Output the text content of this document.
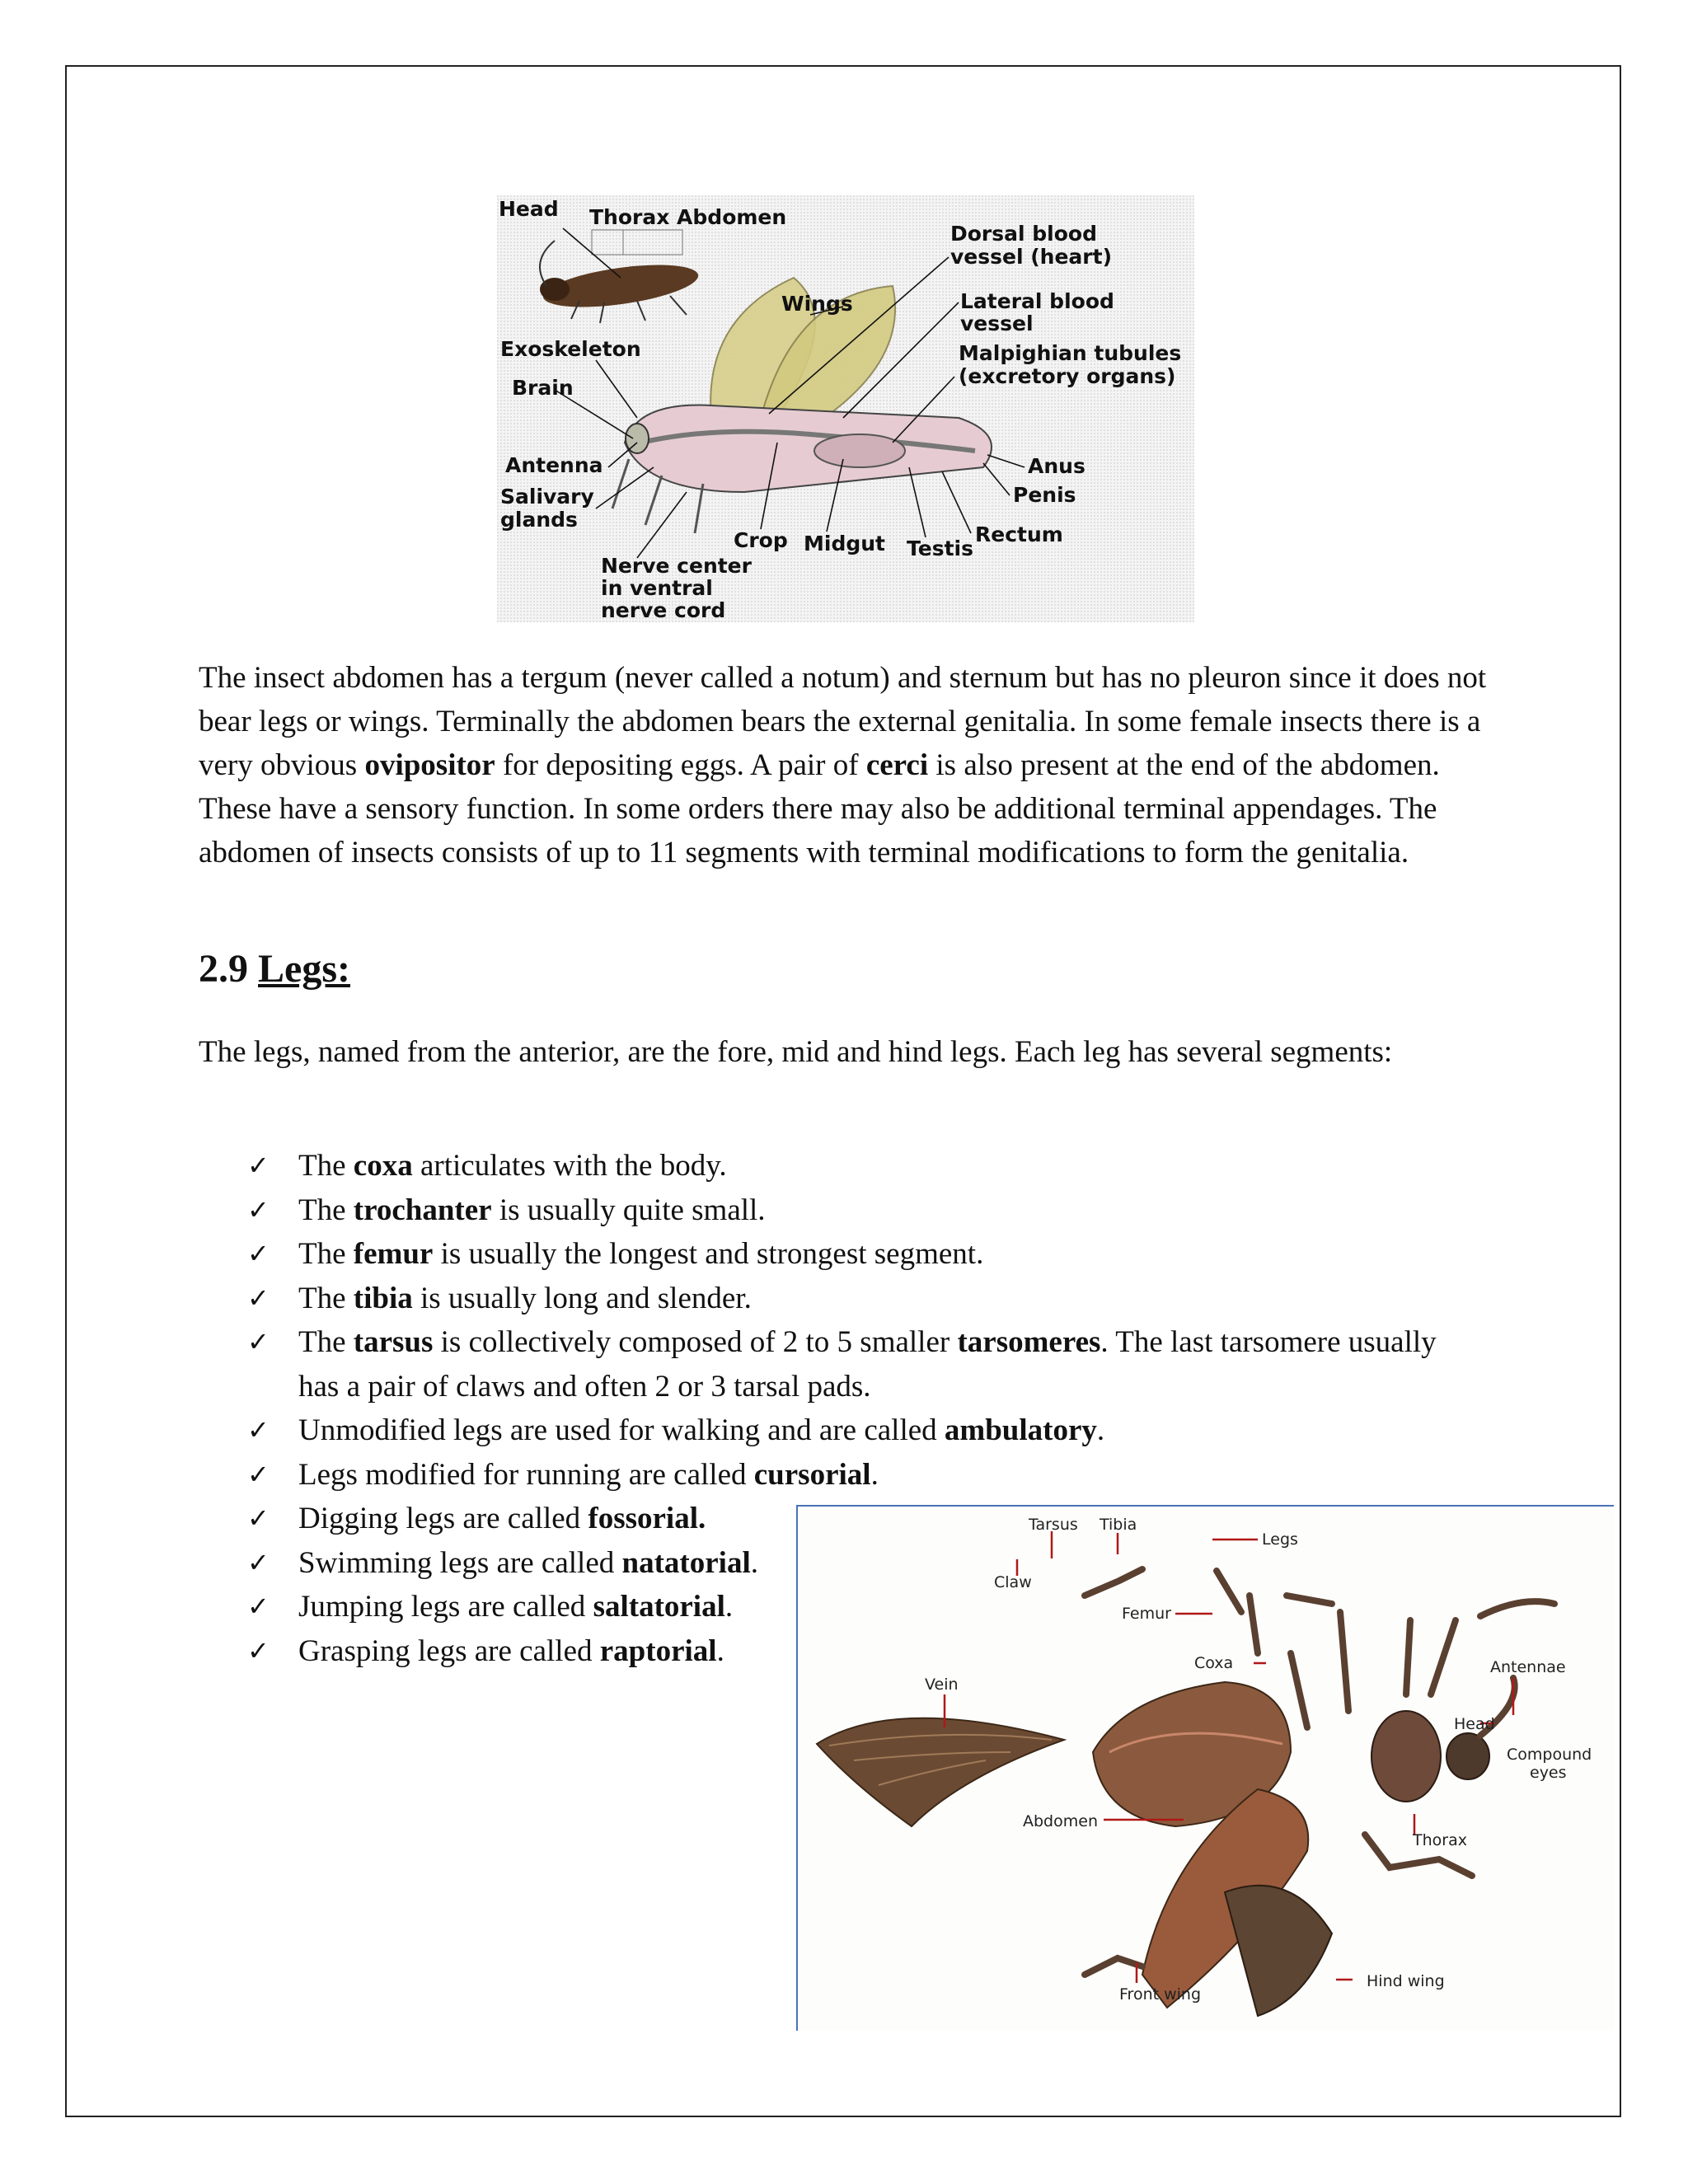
Head Thorax Abdomen
Dorsal blood
vessel (heart)
Wings	Lateral blood
vessel
Exoskeleton	Malpighian tubules
(excretory organs)
Brain
Antenna	Anus
Salivary
glands
Penis
Rectum
Crop Midgut Testis
Nerve center
in ventral
nerve cord
The insect abdomen has a tergum (never called a notum) and sternum but has no pleuron since it does not bear legs or wings. Terminally the abdomen bears the external genitalia. In some female insects there is a very obvious ovipositor for depositing eggs. A pair of cerci is also present at the end of the abdomen. These have a sensory function. In some orders there may also be additional terminal appendages. The abdomen of insects consists of up to 11 segments with terminal modifications to form the genitalia.
2.9 Legs:
The legs, named from the anterior, are the fore, mid and hind legs. Each leg has several segments:
✓ The coxa articulates with the body.
✓ The trochanter is usually quite small.
✓ The femur is usually the longest and strongest segment.
✓ The tibia is usually long and slender.
✓ The tarsus is collectively composed of 2 to 5 smaller tarsomeres. The last tarsomere usually has a pair of claws and often 2 or 3 tarsal pads.
✓ Unmodified legs are used for walking and are called ambulatory.
✓ Legs modified for running are called cursorial.
✓ Digging legs are called fossorial.
✓ Swimming legs are called natatorial.
✓ Jumping legs are called saltatorial.
✓ Grasping legs are called raptorial.
Tarsus Tibia
Legs
Claw
Femur
Coxa	Antennae
Vein
Head
Compound
eyes
Abdomen
Thorax
Front wing
Hind wing
